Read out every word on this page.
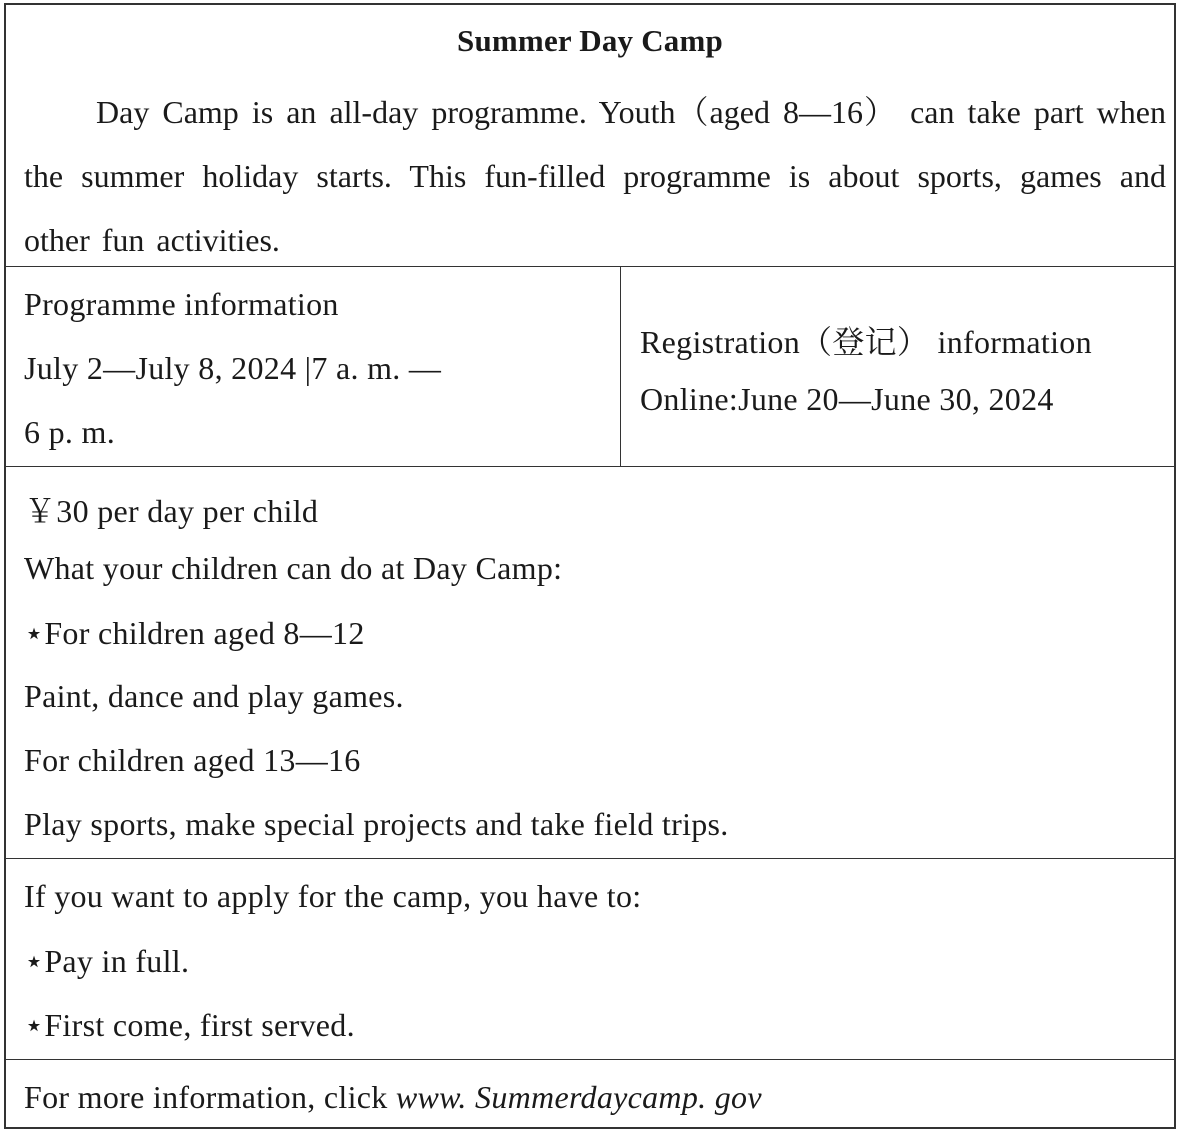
Summer Day Camp
Day Camp is an all-day programme. Youth（aged 8—16） can take part when the summer holiday starts. This fun-filled programme is about sports, games and other fun activities.
Programme information
July 2—July 8, 2024 |7 a. m. —
6 p. m.
Registration（登记） information
Online:June 20—June 30, 2024
￥30 per day per child
What your children can do at Day Camp:
⋆For children aged 8—12
Paint, dance and play games.
For children aged 13—16
Play sports, make special projects and take field trips.
If you want to apply for the camp, you have to:
⋆Pay in full.
⋆First come, first served.
For more information, click www. Summerdaycamp. gov
